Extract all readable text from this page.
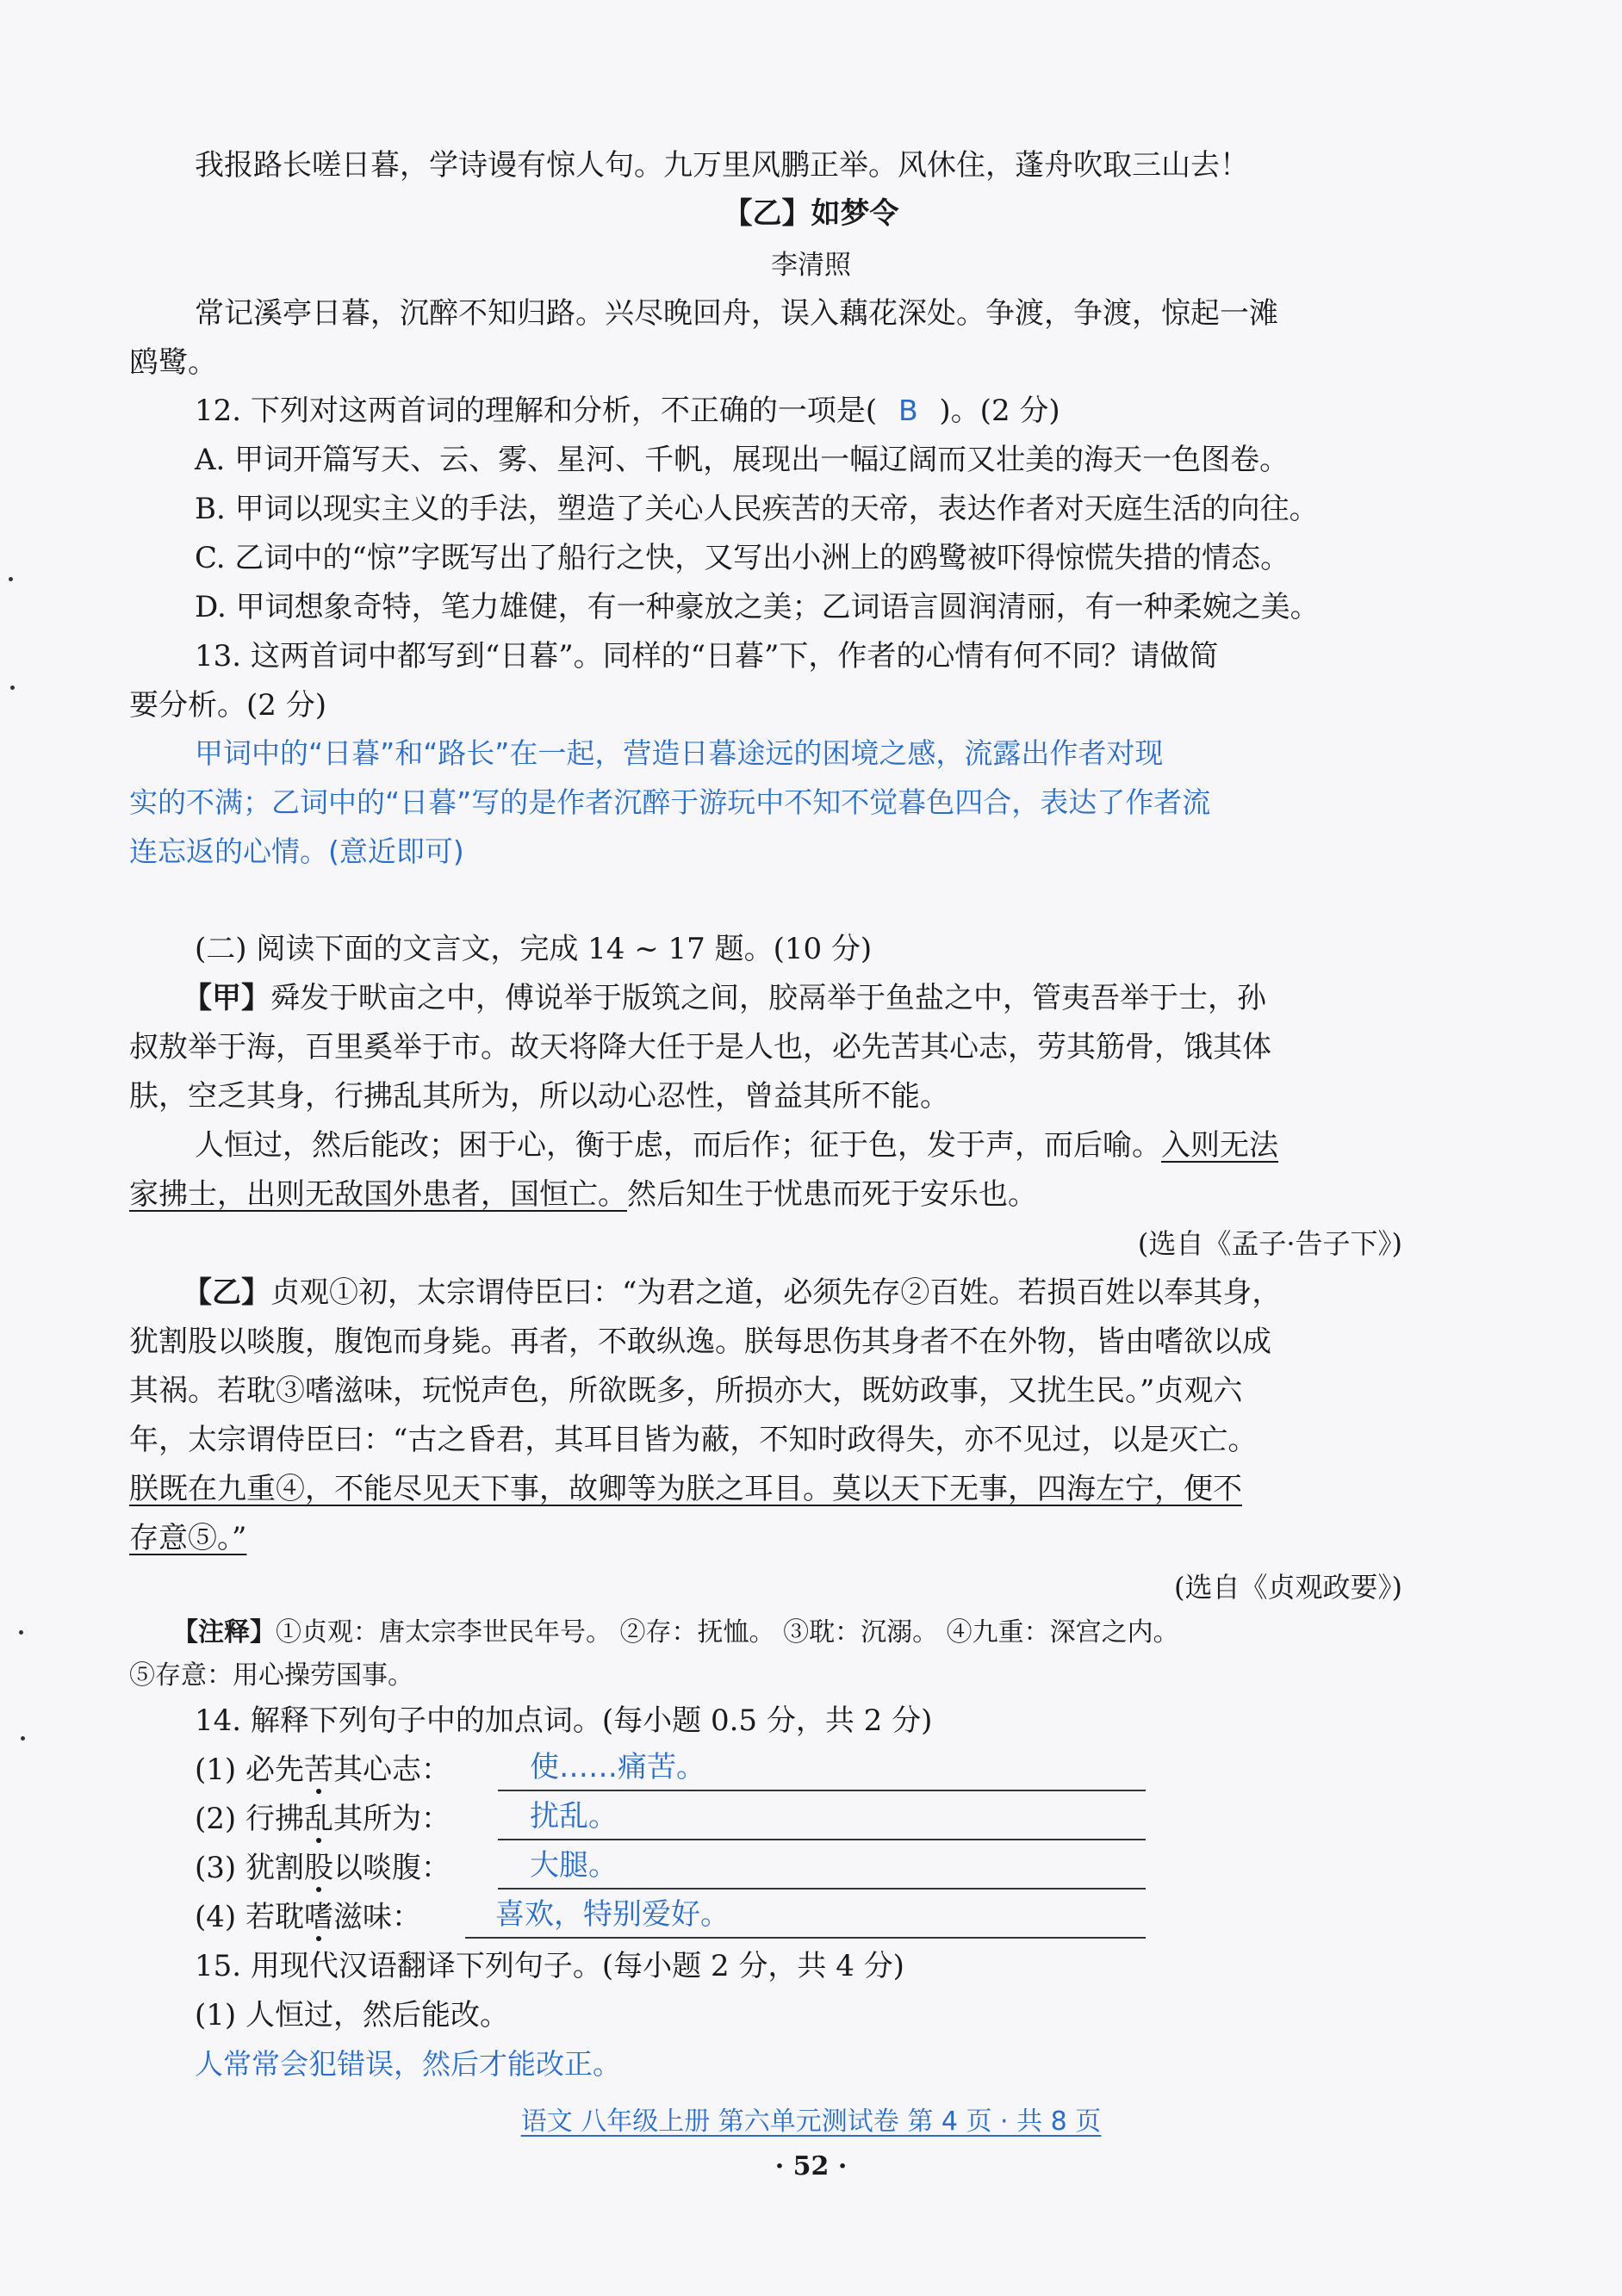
我报路长嗟日暮，学诗谩有惊人句。九万里风鹏正举。风休住，蓬舟吹取三山去！
【乙】如梦令
李清照
常记溪亭日暮，沉醉不知归路。兴尽晚回舟，误入藕花深处。争渡，争渡，惊起一滩
鸥鹭。
12. 下列对这两首词的理解和分析，不正确的一项是( B )。(2 分)
A. 甲词开篇写天、云、雾、星河、千帆，展现出一幅辽阔而又壮美的海天一色图卷。
B. 甲词以现实主义的手法，塑造了关心人民疾苦的天帝，表达作者对天庭生活的向往。
C. 乙词中的“惊”字既写出了船行之快，又写出小洲上的鸥鹭被吓得惊慌失措的情态。
D. 甲词想象奇特，笔力雄健，有一种豪放之美；乙词语言圆润清丽，有一种柔婉之美。
13. 这两首词中都写到“日暮”。同样的“日暮”下，作者的心情有何不同？请做简
要分析。(2 分)
甲词中的“日暮”和“路长”在一起，营造日暮途远的困境之感，流露出作者对现
实的不满；乙词中的“日暮”写的是作者沉醉于游玩中不知不觉暮色四合，表达了作者流
连忘返的心情。(意近即可)
(二) 阅读下面的文言文，完成 14 ~ 17 题。(10 分)
【甲】舜发于畎亩之中，傅说举于版筑之间，胶鬲举于鱼盐之中，管夷吾举于士，孙
叔敖举于海，百里奚举于市。故天将降大任于是人也，必先苦其心志，劳其筋骨，饿其体
肤，空乏其身，行拂乱其所为，所以动心忍性，曾益其所不能。
人恒过，然后能改；困于心，衡于虑，而后作；征于色，发于声，而后喻。入则无法
家拂士，出则无敌国外患者，国恒亡。然后知生于忧患而死于安乐也。
(选自《孟子·告子下》)
【乙】贞观①初，太宗谓侍臣曰：“为君之道，必须先存②百姓。若损百姓以奉其身，
犹割股以啖腹，腹饱而身毙。再者，不敢纵逸。朕每思伤其身者不在外物，皆由嗜欲以成
其祸。若耽③嗜滋味，玩悦声色，所欲既多，所损亦大，既妨政事，又扰生民。”贞观六
年，太宗谓侍臣曰：“古之昏君，其耳目皆为蔽，不知时政得失，亦不见过，以是灭亡。
朕既在九重④，不能尽见天下事，故卿等为朕之耳目。莫以天下无事，四海左宁，便不
存意⑤。”
(选自《贞观政要》)
【注释】①贞观：唐太宗李世民年号。 ②存：抚恤。 ③耽：沉溺。 ④九重：深宫之内。
⑤存意：用心操劳国事。
14. 解释下列句子中的加点词。(每小题 0.5 分，共 2 分)
(1) 必先苦其心志：	使……痛苦。
(2) 行拂乱其所为：	扰乱。
(3) 犹割股以啖腹：	大腿。
(4) 若耽嗜滋味：	喜欢，特别爱好。
15. 用现代汉语翻译下列句子。(每小题 2 分，共 4 分)
(1) 人恒过，然后能改。
人常常会犯错误，然后才能改正。
语文 八年级上册 第六单元测试卷 第 4 页 · 共 8 页
· 52 ·
